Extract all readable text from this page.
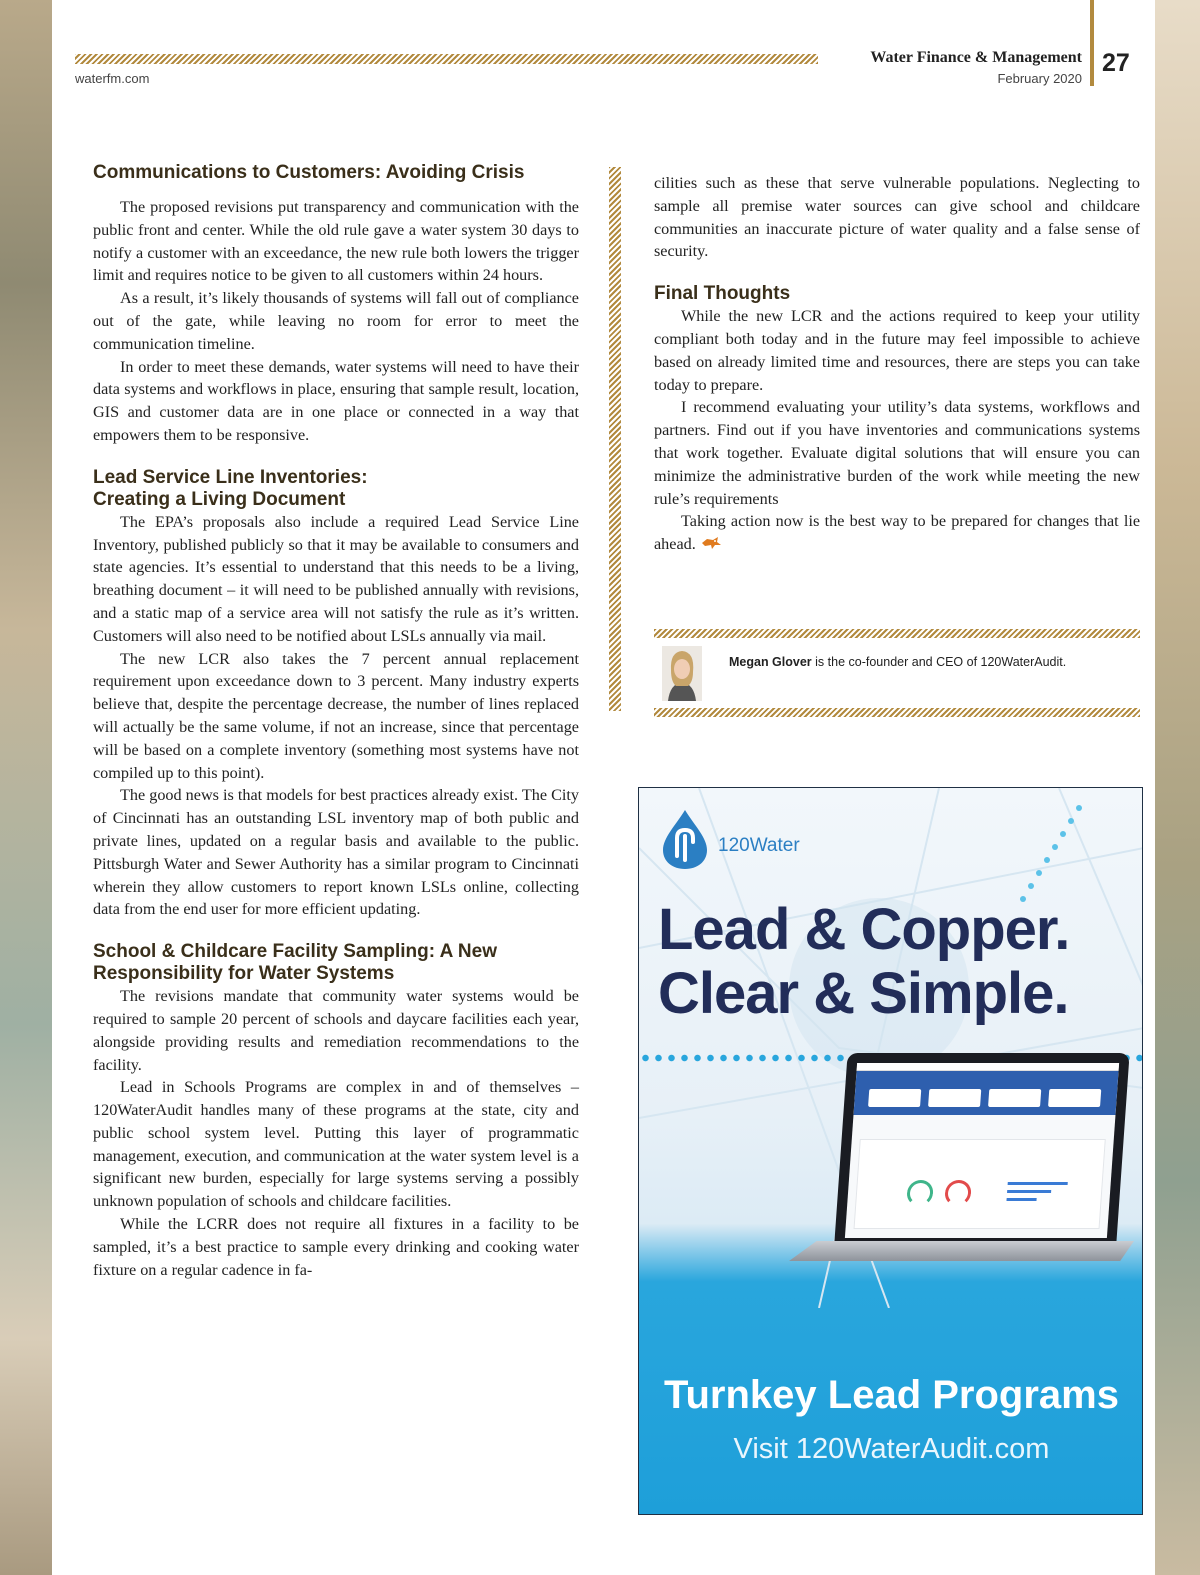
Water Finance & Management
February 2020
waterfm.com
27
Communications to Customers: Avoiding Crisis

The proposed revisions put transparency and communication with the public front and center. While the old rule gave a water system 30 days to notify a customer with an exceedance, the new rule both lowers the trigger limit and requires notice to be given to all customers within 24 hours.

As a result, it’s likely thousands of systems will fall out of compliance out of the gate, while leaving no room for error to meet the communication timeline.

In order to meet these demands, water systems will need to have their data systems and workflows in place, ensuring that sample result, location, GIS and customer data are in one place or connected in a way that empowers them to be responsive.

Lead Service Line Inventories:
Creating a Living Document

The EPA’s proposals also include a required Lead Service Line Inventory, published publicly so that it may be available to consumers and state agencies. It’s essential to understand that this needs to be a living, breathing document – it will need to be published annually with revisions, and a static map of a service area will not satisfy the rule as it’s written. Customers will also need to be notified about LSLs annually via mail.

The new LCR also takes the 7 percent annual replacement requirement upon exceedance down to 3 percent. Many industry experts believe that, despite the percentage decrease, the number of lines replaced will actually be the same volume, if not an increase, since that percentage will be based on a complete inventory (something most systems have not compiled up to this point).

The good news is that models for best practices already exist. The City of Cincinnati has an outstanding LSL inventory map of both public and private lines, updated on a regular basis and available to the public. Pittsburgh Water and Sewer Authority has a similar program to Cincinnati wherein they allow customers to report known LSLs online, collecting data from the end user for more efficient updating.

School & Childcare Facility Sampling: A New Responsibility for Water Systems

The revisions mandate that community water systems would be required to sample 20 percent of schools and daycare facilities each year, alongside providing results and remediation recommendations to the facility.

Lead in Schools Programs are complex in and of themselves – 120WaterAudit handles many of these programs at the state, city and public school system level. Putting this layer of programmatic management, execution, and communication at the water system level is a significant new burden, especially for large systems serving a possibly unknown population of schools and childcare facilities.

While the LCRR does not require all fixtures in a facility to be sampled, it’s a best practice to sample every drinking and cooking water fixture on a regular cadence in fa-

cilities such as these that serve vulnerable populations. Neglecting to sample all premise water sources can give school and childcare communities an inaccurate picture of water quality and a false sense of security.

Final Thoughts

While the new LCR and the actions required to keep your utility compliant both today and in the future may feel impossible to achieve based on already limited time and resources, there are steps you can take today to prepare.

I recommend evaluating your utility’s data systems, workflows and partners. Find out if you have inventories and communications systems that work together. Evaluate digital solutions that will ensure you can minimize the administrative burden of the work while meeting the new rule’s requirements

Taking action now is the best way to be prepared for changes that lie ahead.

Megan Glover is the co-founder and CEO of 120WaterAudit.
120Water
Lead & Copper.
Clear & Simple.
Turnkey Lead Programs
Visit 120WaterAudit.com
